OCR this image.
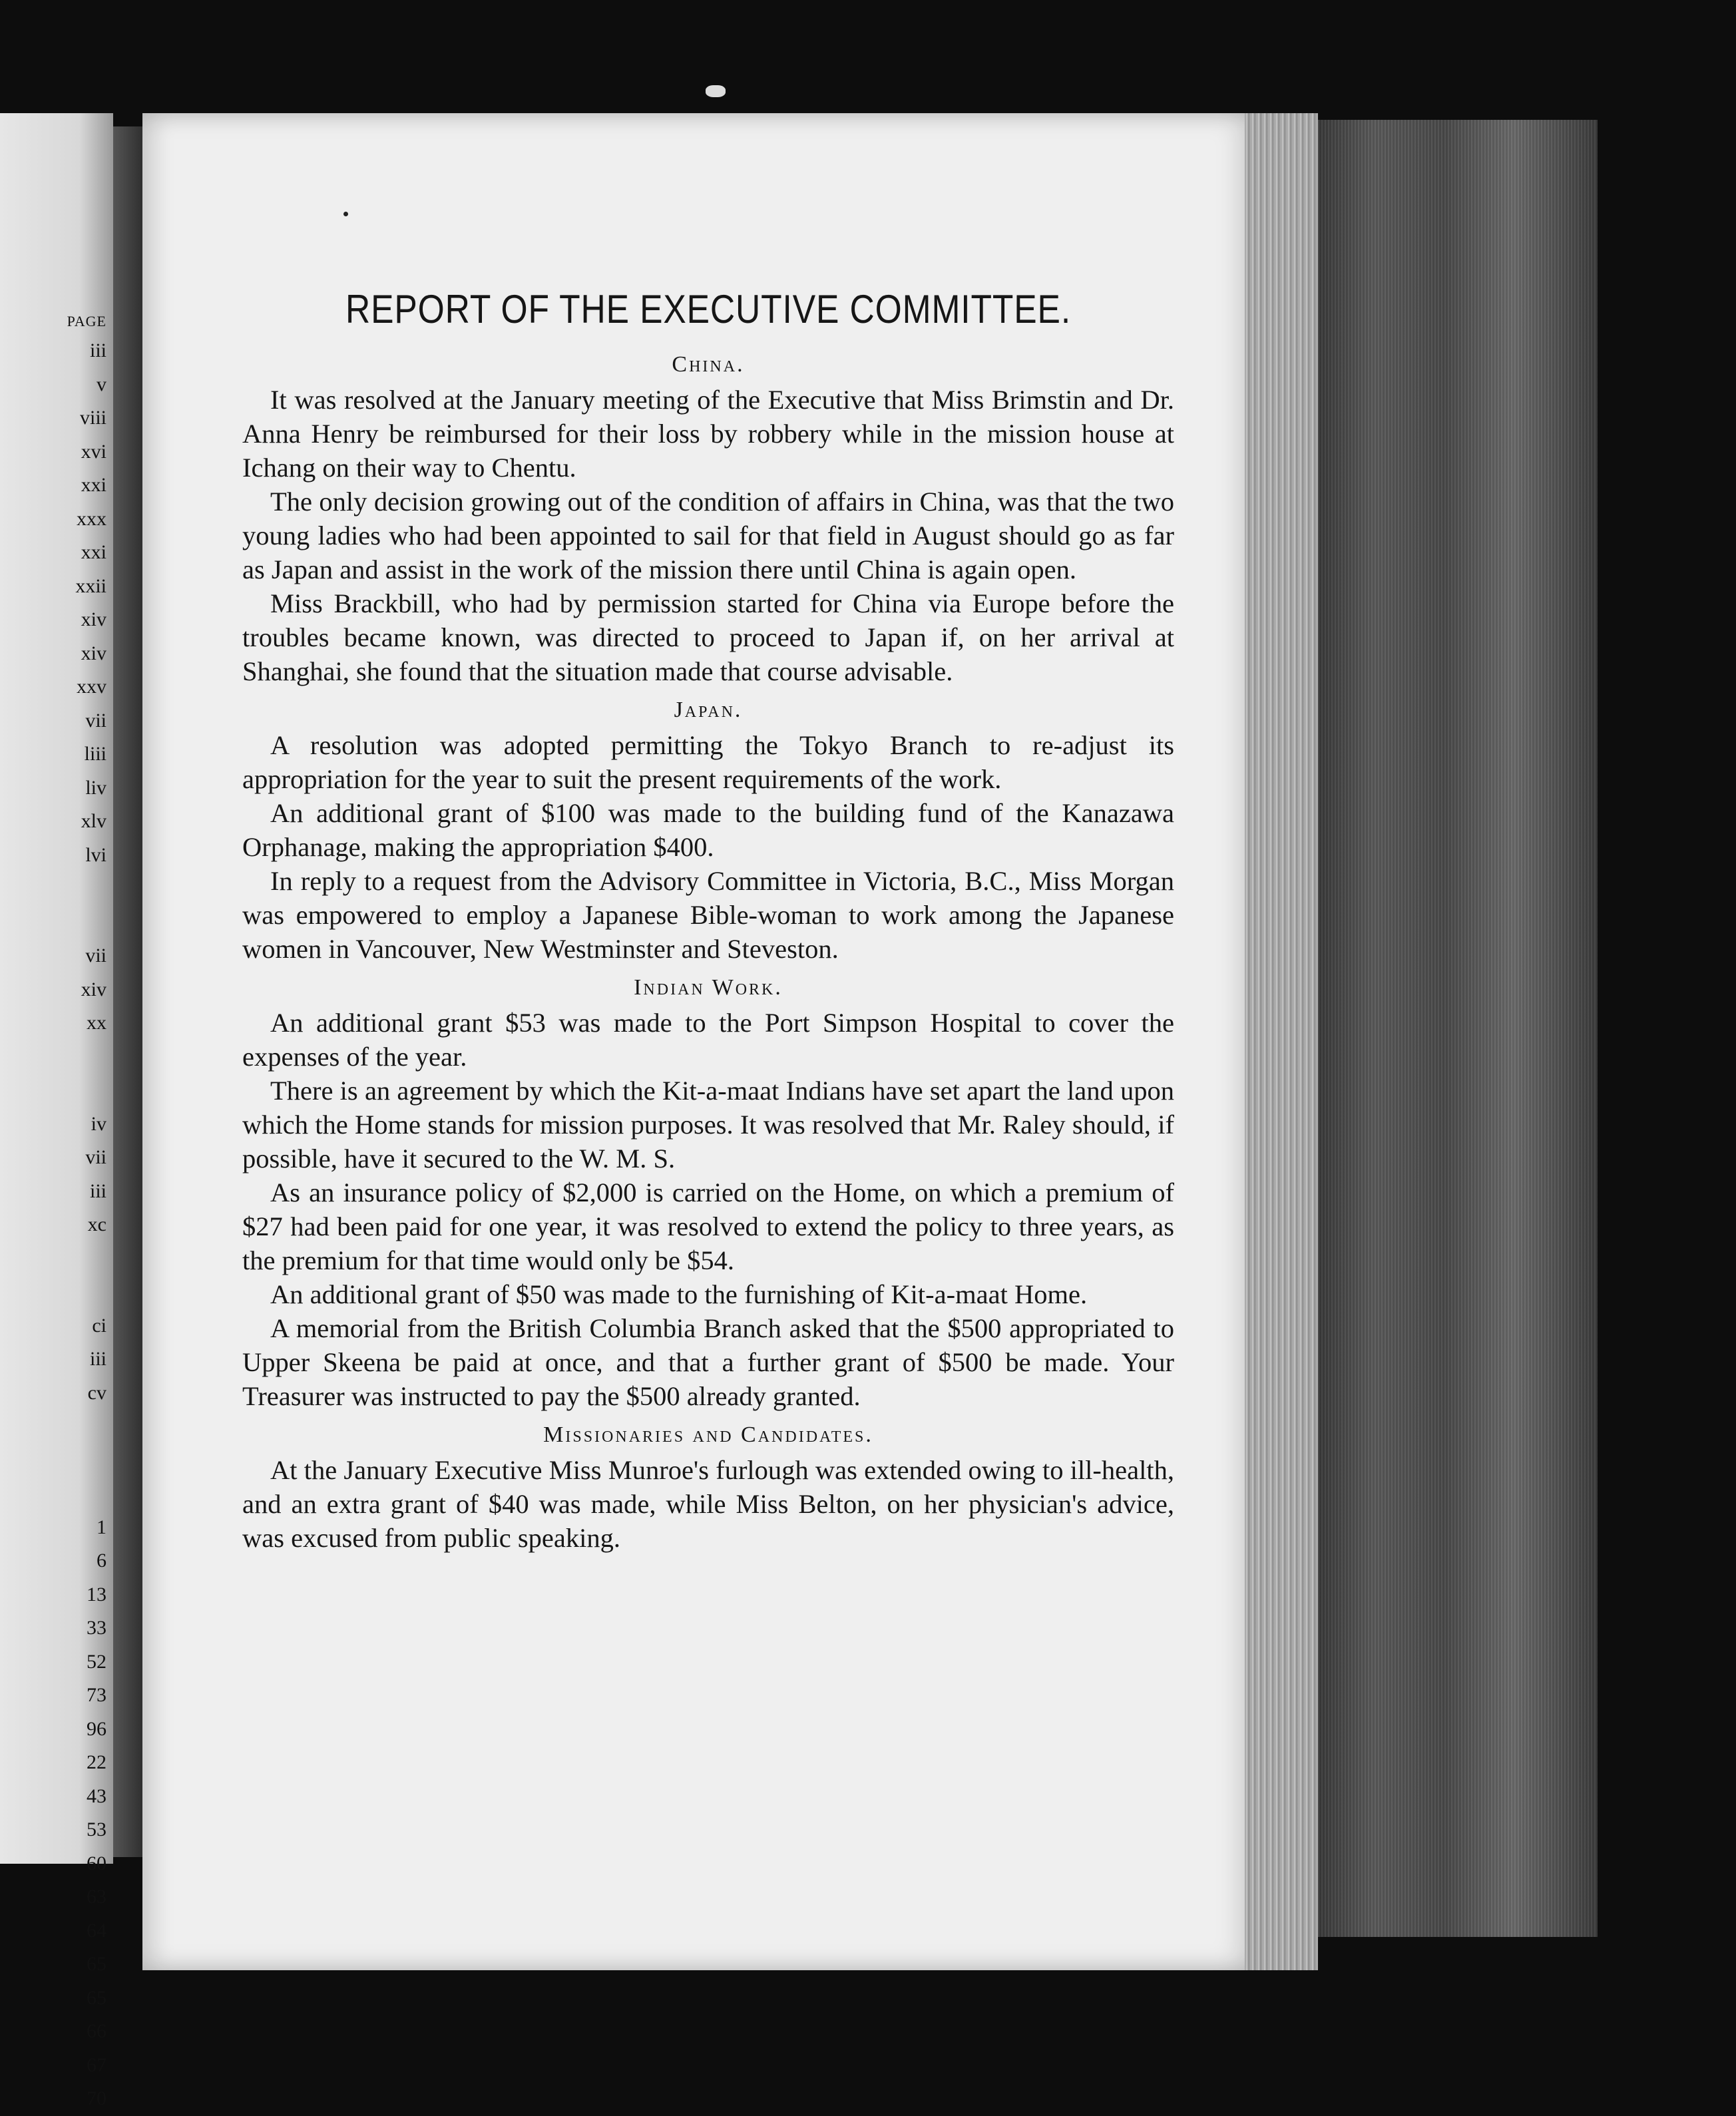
PAGE
iii
v
viii
xvi
xxi
xxx
xxi
xxii
xiv
xiv
xxv
vii
liii
liv
xlv
lvi
vii
xiv
xx
iv
vii
iii
xc
ci
iii
cv
1
6
13
33
52
73
96
22
43
53
60
63
64
65
65
66
67
70
REPORT OF THE EXECUTIVE COMMITTEE.
China.

It was resolved at the January meeting of the Executive that Miss Brimstin and Dr. Anna Henry be reimbursed for their loss by robbery while in the mission house at Ichang on their way to Chentu.

The only decision growing out of the condition of affairs in China, was that the two young ladies who had been appointed to sail for that field in August should go as far as Japan and assist in the work of the mission there until China is again open.

Miss Brackbill, who had by permission started for China via Europe before the troubles became known, was directed to proceed to Japan if, on her arrival at Shanghai, she found that the situation made that course advisable.

Japan.

A resolution was adopted permitting the Tokyo Branch to re-adjust its appropriation for the year to suit the present requirements of the work.

An additional grant of $100 was made to the building fund of the Kanazawa Orphanage, making the appropriation $400.

In reply to a request from the Advisory Committee in Victoria, B.C., Miss Morgan was empowered to employ a Japanese Bible-woman to work among the Japanese women in Vancouver, New Westminster and Steveston.

Indian Work.

An additional grant $53 was made to the Port Simpson Hospital to cover the expenses of the year.

There is an agreement by which the Kit-a-maat Indians have set apart the land upon which the Home stands for mission purposes. It was resolved that Mr. Raley should, if possible, have it secured to the W. M. S.

As an insurance policy of $2,000 is carried on the Home, on which a premium of $27 had been paid for one year, it was resolved to extend the policy to three years, as the premium for that time would only be $54.

An additional grant of $50 was made to the furnishing of Kit-a-maat Home.

A memorial from the British Columbia Branch asked that the $500 appropriated to Upper Skeena be paid at once, and that a further grant of $500 be made. Your Treasurer was instructed to pay the $500 already granted.

Missionaries and Candidates.

At the January Executive Miss Munroe's furlough was extended owing to ill-health, and an extra grant of $40 was made, while Miss Belton, on her physician's advice, was excused from public speaking.
